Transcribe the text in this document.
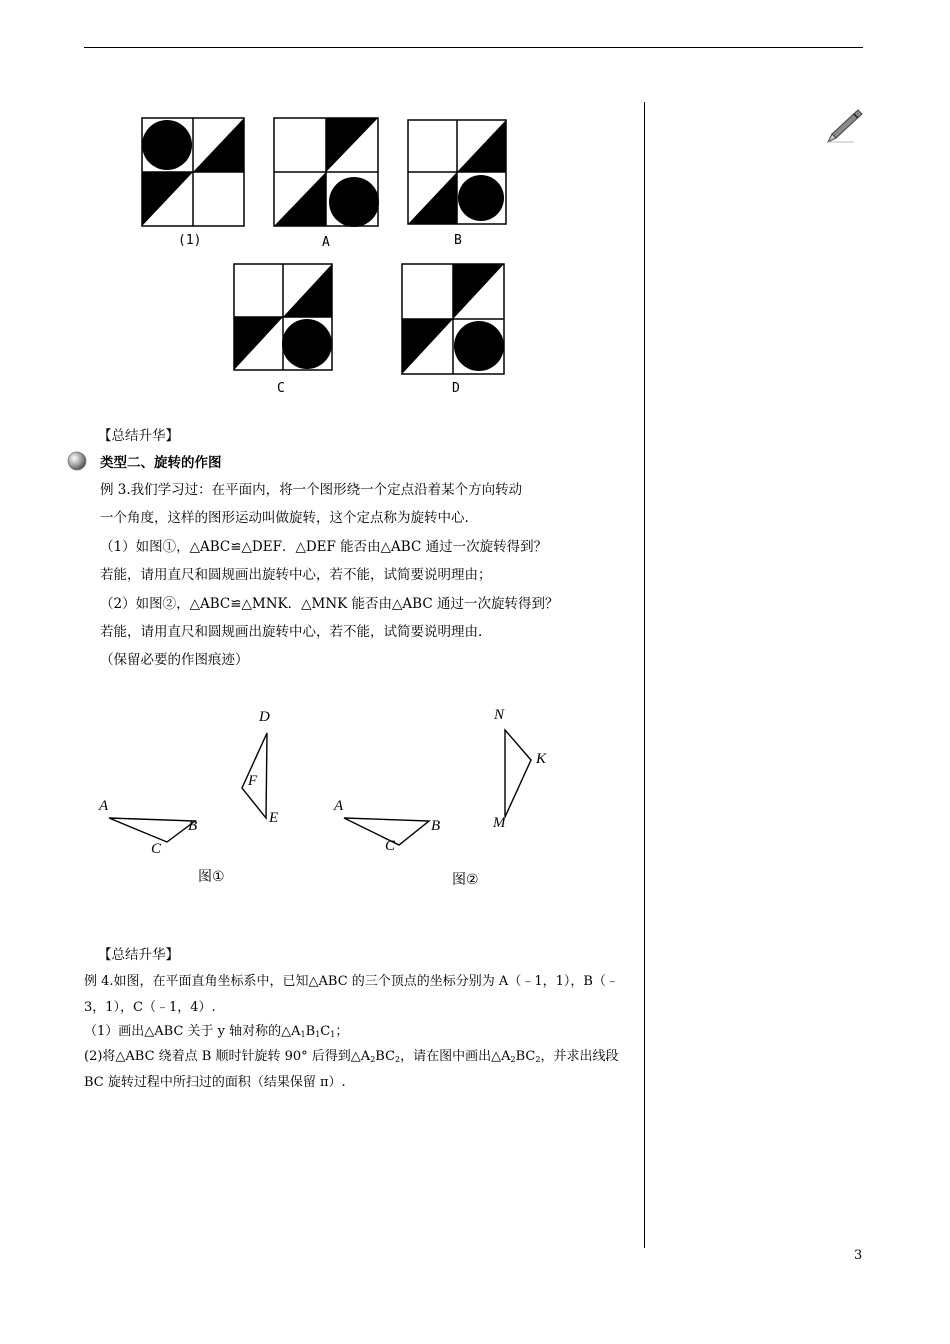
(1)	A	B
C	D
【总结升华】
类型二、旋转的作图
例 3.我们学习过：在平面内，将一个图形绕一个定点沿着某个方向转动
一个角度，这样的图形运动叫做旋转，这个定点称为旋转中心.
（1）如图①，△ABC≌△DEF．△DEF 能否由△ABC 通过一次旋转得到？
若能，请用直尺和圆规画出旋转中心，若不能，试简要说明理由；
（2）如图②，△ABC≌△MNK．△MNK 能否由△ABC 通过一次旋转得到？
若能，请用直尺和圆规画出旋转中心，若不能，试简要说明理由.
（保留必要的作图痕迹）
A
B
C
D
E
F
图①
A
B
C
N
K
M
图②
【总结升华】
例 4.如图，在平面直角坐标系中，已知△ABC 的三个顶点的坐标分别为 A（﹣1，1），B（﹣
3，1），C（﹣1，4）.
（1）画出△ABC 关于 y 轴对称的$\triangle A_1B_1C_1$；
(2)将△ABC 绕着点 B 顺时针旋转 90° 后得到$\triangle A_2BC_2$，请在图中画出$\triangle A_2BC_2$，并求出线段
BC 旋转过程中所扫过的面积（结果保留 π）.
3
